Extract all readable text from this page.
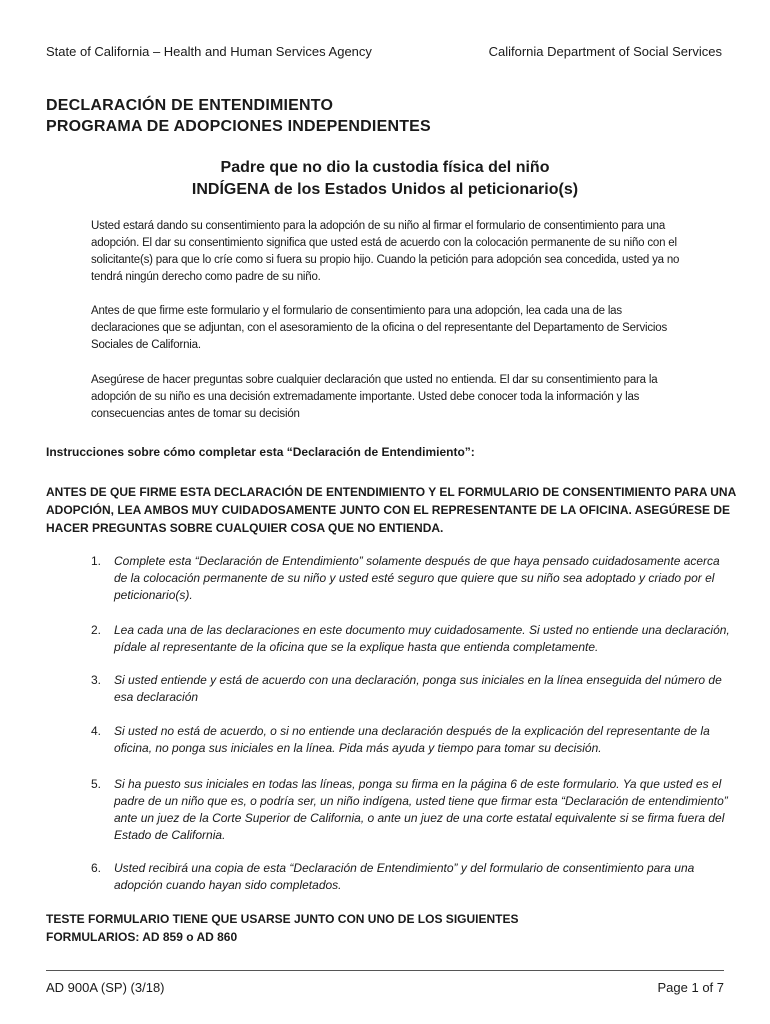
State of California – Health and Human Services Agency	California Department of Social Services
DECLARACIÓN DE ENTENDIMIENTO
PROGRAMA DE ADOPCIONES INDEPENDIENTES
Padre que no dio la custodia física del niño
INDÍGENA de los Estados Unidos al peticionario(s)
Usted estará dando su consentimiento para la adopción de su niño al firmar el formulario de consentimiento para una adopción. El dar su consentimiento significa que usted está de acuerdo con la colocación permanente de su niño con el solicitante(s) para que lo críe como si fuera su propio hijo. Cuando la petición para adopción sea concedida, usted ya no tendrá ningún derecho como padre de su niño.
Antes de que firme este formulario y el formulario de consentimiento para una adopción, lea cada una de las declaraciones que se adjuntan, con el asesoramiento de la oficina o del representante del Departamento de Servicios Sociales de California.
Asegúrese de hacer preguntas sobre cualquier declaración que usted no entienda. El dar su consentimiento para la adopción de su niño es una decisión extremadamente importante. Usted debe conocer toda la información y las consecuencias antes de tomar su decisión
Instrucciones sobre cómo completar esta “Declaración de Entendimiento”:
ANTES DE QUE FIRME ESTA DECLARACIÓN DE ENTENDIMIENTO Y EL FORMULARIO DE CONSENTIMIENTO PARA UNA ADOPCIÓN, LEA AMBOS MUY CUIDADOSAMENTE JUNTO CON EL REPRESENTANTE DE LA OFICINA. ASEGÚRESE DE HACER PREGUNTAS SOBRE CUALQUIER COSA QUE NO ENTIENDA.
1. Complete esta “Declaración de Entendimiento” solamente después de que haya pensado cuidadosamente acerca de la colocación permanente de su niño y usted esté seguro que quiere que su niño sea adoptado y criado por el peticionario(s).
2. Lea cada una de las declaraciones en este documento muy cuidadosamente. Si usted no entiende una declaración, pídale al representante de la oficina que se la explique hasta que entienda completamente.
3. Si usted entiende y está de acuerdo con una declaración, ponga sus iniciales en la línea enseguida del número de esa declaración
4. Si usted no está de acuerdo, o si no entiende una declaración después de la explicación del representante de la oficina, no ponga sus iniciales en la línea. Pida más ayuda y tiempo para tomar su decisión.
5. Si ha puesto sus iniciales en todas las líneas, ponga su firma en la página 6 de este formulario. Ya que usted es el padre de un niño que es, o podría ser, un niño indígena, usted tiene que firmar esta “Declaración de entendimiento” ante un juez de la Corte Superior de California, o ante un juez de una corte estatal equivalente si se firma fuera del Estado de California.
6. Usted recibirá una copia de esta “Declaración de Entendimiento” y del formulario de consentimiento para una adopción cuando hayan sido completados.
TESTE FORMULARIO TIENE QUE USARSE JUNTO CON UNO DE LOS SIGUIENTES
FORMULARIOS: AD 859 o AD 860
AD 900A (SP) (3/18)	Page 1 of 7
